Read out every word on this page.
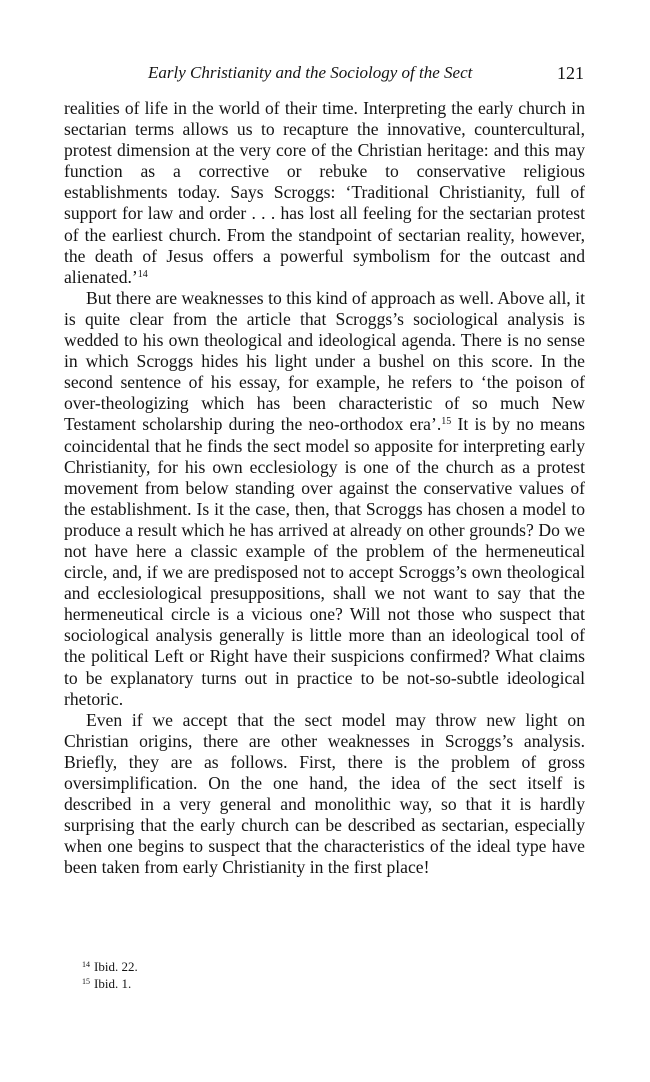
Early Christianity and the Sociology of the Sect	121

realities of life in the world of their time. Interpreting the early church in sectarian terms allows us to recapture the innovative, countercultural, protest dimension at the very core of the Christian heritage: and this may function as a corrective or rebuke to conservative religious establishments today. Says Scroggs: ‘Traditional Christianity, full of support for law and order . . . has lost all feeling for the sectarian protest of the earliest church. From the standpoint of sectarian reality, however, the death of Jesus offers a powerful symbolism for the outcast and alienated.’$^{14}$

But there are weaknesses to this kind of approach as well. Above all, it is quite clear from the article that Scroggs’s sociological analysis is wedded to his own theological and ideological agenda. There is no sense in which Scroggs hides his light under a bushel on this score. In the second sentence of his essay, for example, he refers to ‘the poison of over-theologizing which has been characteristic of so much New Testament scholarship during the neo-orthodox era’.$^{15}$ It is by no means coincidental that he finds the sect model so apposite for interpreting early Christianity, for his own ecclesiology is one of the church as a protest movement from below standing over against the conservative values of the establishment. Is it the case, then, that Scroggs has chosen a model to produce a result which he has arrived at already on other grounds? Do we not have here a classic example of the problem of the hermeneutical circle, and, if we are predisposed not to accept Scroggs’s own theological and ecclesiological presuppositions, shall we not want to say that the hermeneutical circle is a vicious one? Will not those who suspect that sociological analysis generally is little more than an ideological tool of the political Left or Right have their suspicions confirmed? What claims to be explanatory turns out in practice to be not-so-subtle ideological rhetoric.

Even if we accept that the sect model may throw new light on Christian origins, there are other weaknesses in Scroggs’s analysis. Briefly, they are as follows. First, there is the problem of gross oversimplification. On the one hand, the idea of the sect itself is described in a very general and monolithic way, so that it is hardly surprising that the early church can be described as sectarian, especially when one begins to suspect that the characteristics of the ideal type have been taken from early Christianity in the first place!

$^{14}$ Ibid. 22.
$^{15}$ Ibid. 1.
